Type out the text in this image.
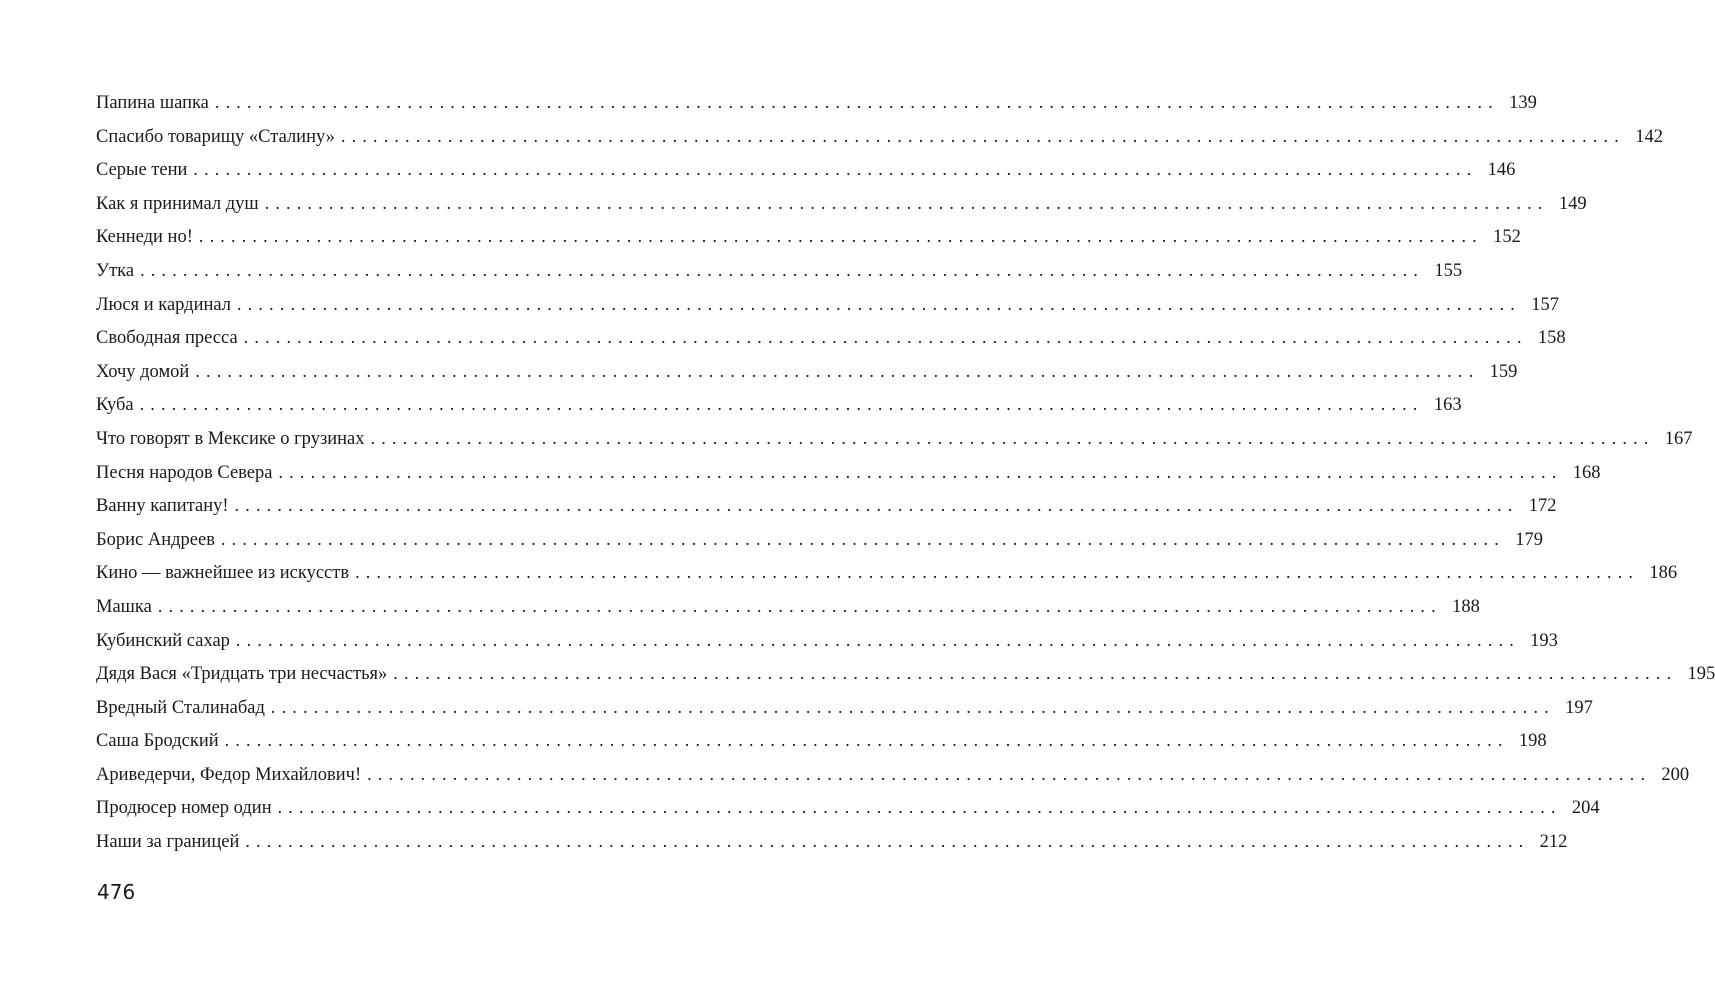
Папина шапка ........................................................................................................................ 139
Спасибо товарищу «Сталину» ........................................................................................................................ 142
Серые тени ........................................................................................................................ 146
Как я принимал душ ........................................................................................................................ 149
Кеннеди но! ........................................................................................................................ 152
Утка ........................................................................................................................ 155
Люся и кардинал ........................................................................................................................ 157
Свободная пресса ........................................................................................................................ 158
Хочу домой ........................................................................................................................ 159
Куба ........................................................................................................................ 163
Что говорят в Мексике о грузинах ........................................................................................................................ 167
Песня народов Севера ........................................................................................................................ 168
Ванну капитану! ........................................................................................................................ 172
Борис Андреев ........................................................................................................................ 179
Кино — важнейшее из искусств ........................................................................................................................ 186
Машка ........................................................................................................................ 188
Кубинский сахар ........................................................................................................................ 193
Дядя Вася «Тридцать три несчастья» ........................................................................................................................ 195
Вредный Сталинабад ........................................................................................................................ 197
Саша Бродский ........................................................................................................................ 198
Ариведерчи, Федор Михайлович! ........................................................................................................................ 200
Продюсер номер один ........................................................................................................................ 204
Наши за границей ........................................................................................................................ 212
476
